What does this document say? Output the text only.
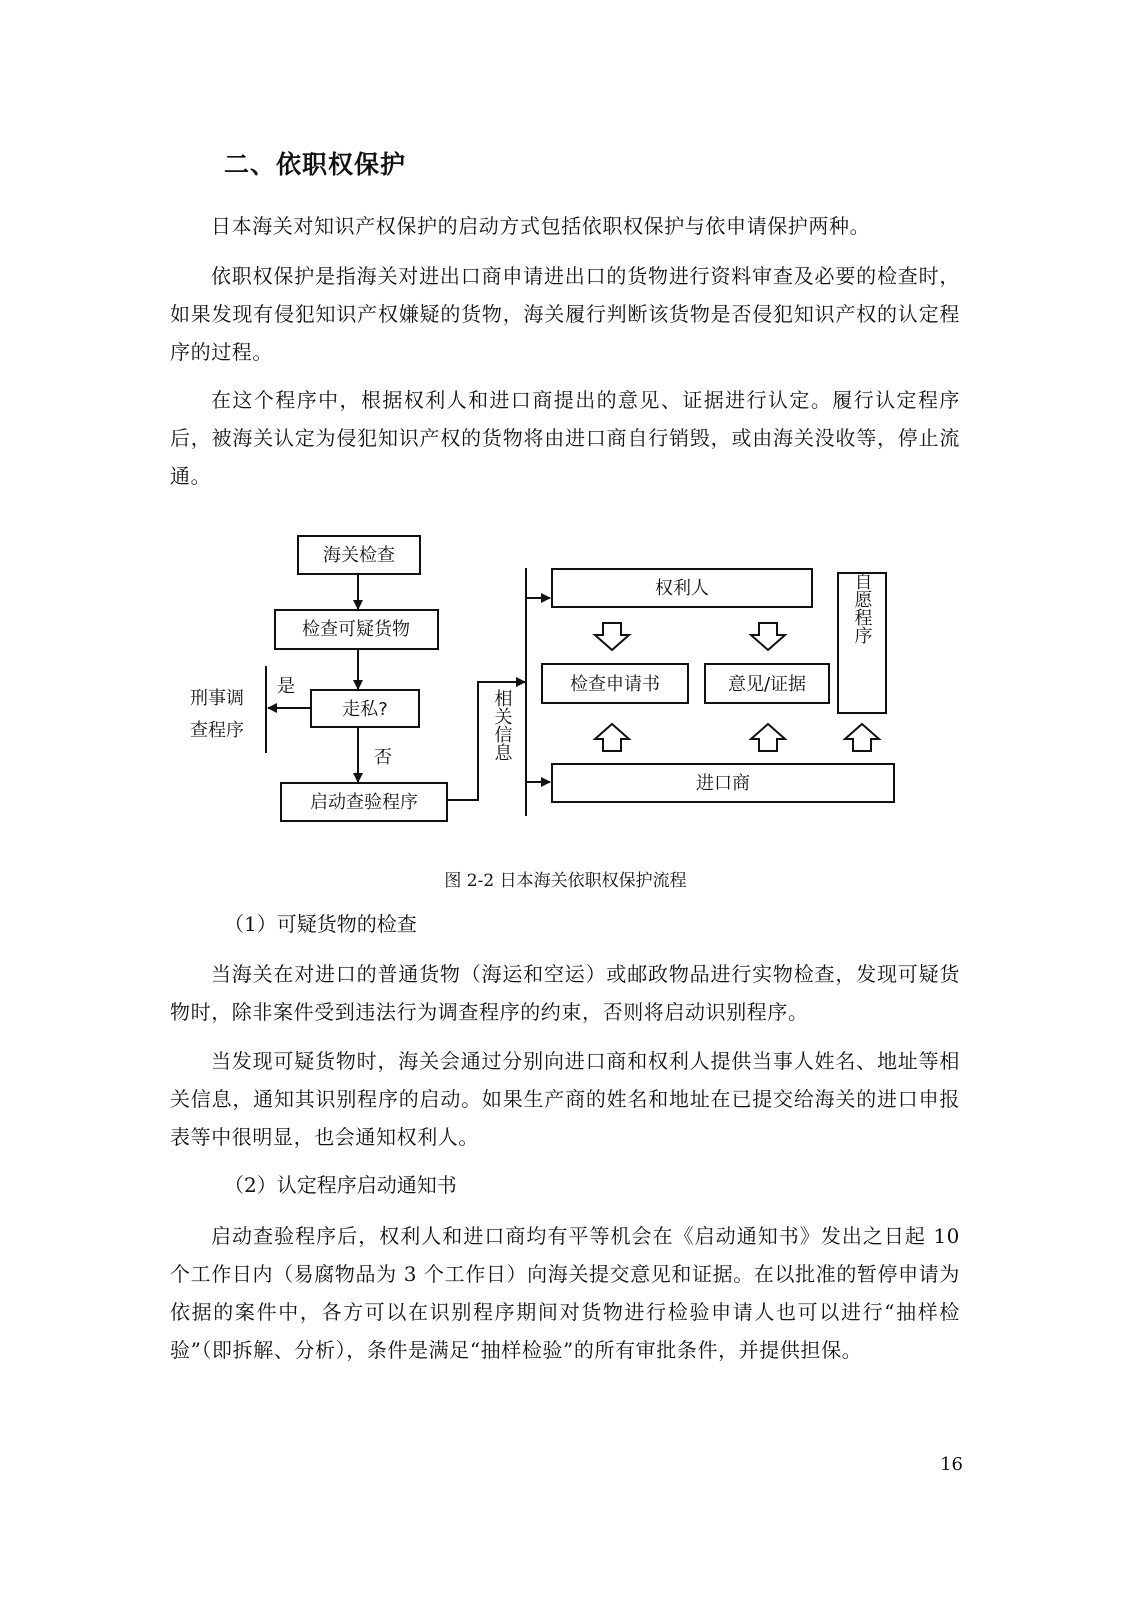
二、依职权保护

日本海关对知识产权保护的启动方式包括依职权保护与依申请保护两种。

依职权保护是指海关对进出口商申请进出口的货物进行资料审查及必要的检查时，如果发现有侵犯知识产权嫌疑的货物，海关履行判断该货物是否侵犯知识产权的认定程序的过程。

在这个程序中，根据权利人和进口商提出的意见、证据进行认定。履行认定程序后，被海关认定为侵犯知识产权的货物将由进口商自行销毁，或由海关没收等，停止流通。

海关检查
检查可疑货物
走私?
启动查验程序
是
否
刑事调
查程序	相关信息
权利人
检查申请书	意见/证据
自愿程序
进口商

图 2-2 日本海关依职权保护流程

（1）可疑货物的检查

当海关在对进口的普通货物（海运和空运）或邮政物品进行实物检查，发现可疑货物时，除非案件受到违法行为调查程序的约束，否则将启动识别程序。

当发现可疑货物时，海关会通过分别向进口商和权利人提供当事人姓名、地址等相关信息，通知其识别程序的启动。如果生产商的姓名和地址在已提交给海关的进口申报表等中很明显，也会通知权利人。

（2）认定程序启动通知书

启动查验程序后，权利人和进口商均有平等机会在《启动通知书》发出之日起 10 个工作日内（易腐物品为 3 个工作日）向海关提交意见和证据。在以批准的暂停申请为依据的案件中，各方可以在识别程序期间对货物进行检验申请人也可以进行“抽样检验”（即拆解、分析），条件是满足“抽样检验”的所有审批条件，并提供担保。

16
